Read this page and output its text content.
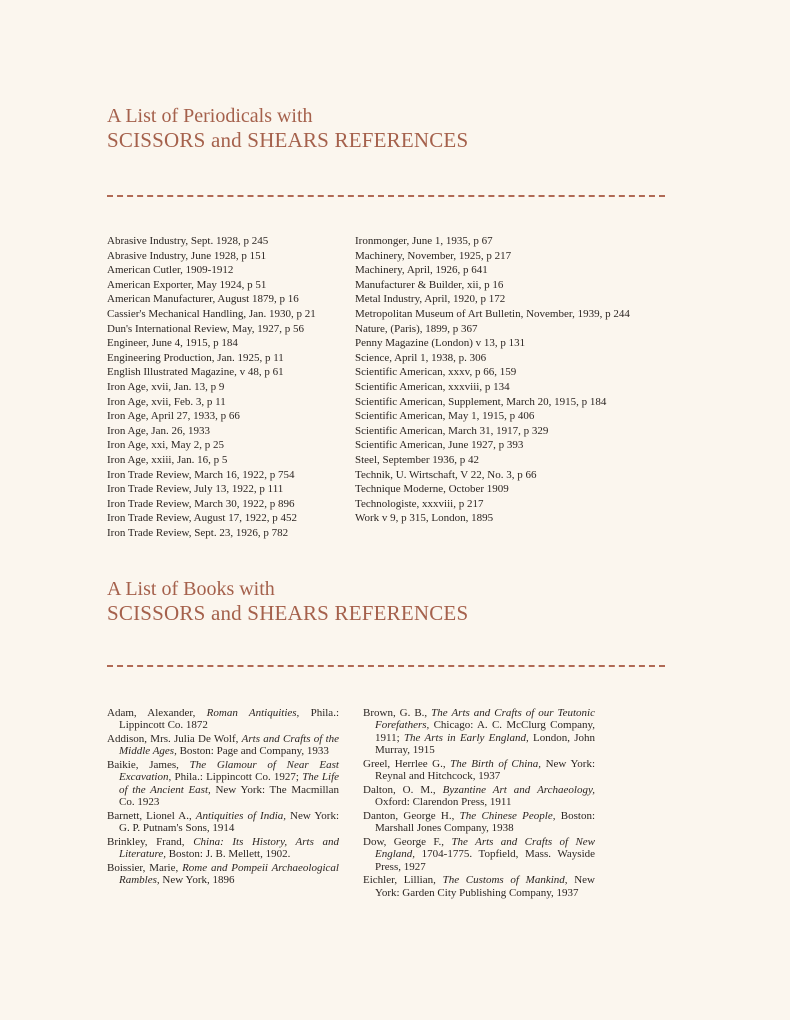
A List of Periodicals with
SCISSORS and SHEARS REFERENCES
Abrasive Industry, Sept. 1928, p 245
Abrasive Industry, June 1928, p 151
American Cutler, 1909-1912
American Exporter, May 1924, p 51
American Manufacturer, August 1879, p 16
Cassier's Mechanical Handling, Jan. 1930, p 21
Dun's International Review, May, 1927, p 56
Engineer, June 4, 1915, p 184
Engineering Production, Jan. 1925, p 11
English Illustrated Magazine, v 48, p 61
Iron Age, xvii, Jan. 13, p 9
Iron Age, xvii, Feb. 3, p 11
Iron Age, April 27, 1933, p 66
Iron Age, Jan. 26, 1933
Iron Age, xxi, May 2, p 25
Iron Age, xxiii, Jan. 16, p 5
Iron Trade Review, March 16, 1922, p 754
Iron Trade Review, July 13, 1922, p 111
Iron Trade Review, March 30, 1922, p 896
Iron Trade Review, August 17, 1922, p 452
Iron Trade Review, Sept. 23, 1926, p 782
Ironmonger, June 1, 1935, p 67
Machinery, November, 1925, p 217
Machinery, April, 1926, p 641
Manufacturer & Builder, xii, p 16
Metal Industry, April, 1920, p 172
Metropolitan Museum of Art Bulletin, November, 1939, p 244
Nature, (Paris), 1899, p 367
Penny Magazine (London) v 13, p 131
Science, April 1, 1938, p. 306
Scientific American, xxxv, p 66, 159
Scientific American, xxxviii, p 134
Scientific American, Supplement, March 20, 1915, p 184
Scientific American, May 1, 1915, p 406
Scientific American, March 31, 1917, p 329
Scientific American, June 1927, p 393
Steel, September 1936, p 42
Technik, U. Wirtschaft, V 22, No. 3, p 66
Technique Moderne, October 1909
Technologiste, xxxviii, p 217
Work v 9, p 315, London, 1895
A List of Books with
SCISSORS and SHEARS REFERENCES
Adam, Alexander, Roman Antiquities, Phila.: Lippincott Co. 1872
Addison, Mrs. Julia De Wolf, Arts and Crafts of the Middle Ages, Boston: Page and Company, 1933
Baikie, James, The Glamour of Near East Excavation, Phila.: Lippincott Co. 1927; The Life of the Ancient East, New York: The Macmillan Co. 1923
Barnett, Lionel A., Antiquities of India, New York: G. P. Putnam's Sons, 1914
Brinkley, Frand, China: Its History, Arts and Literature, Boston: J. B. Mellett, 1902.
Boissier, Marie, Rome and Pompeii Archaeological Rambles, New York, 1896
Brown, G. B., The Arts and Crafts of our Teutonic Forefathers, Chicago: A. C. McClurg Company, 1911; The Arts in Early England, London, John Murray, 1915
Greel, Herrlee G., The Birth of China, New York: Reynal and Hitchcock, 1937
Dalton, O. M., Byzantine Art and Archaeology, Oxford: Clarendon Press, 1911
Danton, George H., The Chinese People, Boston: Marshall Jones Company, 1938
Dow, George F., The Arts and Crafts of New England, 1704-1775. Topfield, Mass. Wayside Press, 1927
Eichler, Lillian, The Customs of Mankind, New York: Garden City Publishing Company, 1937
